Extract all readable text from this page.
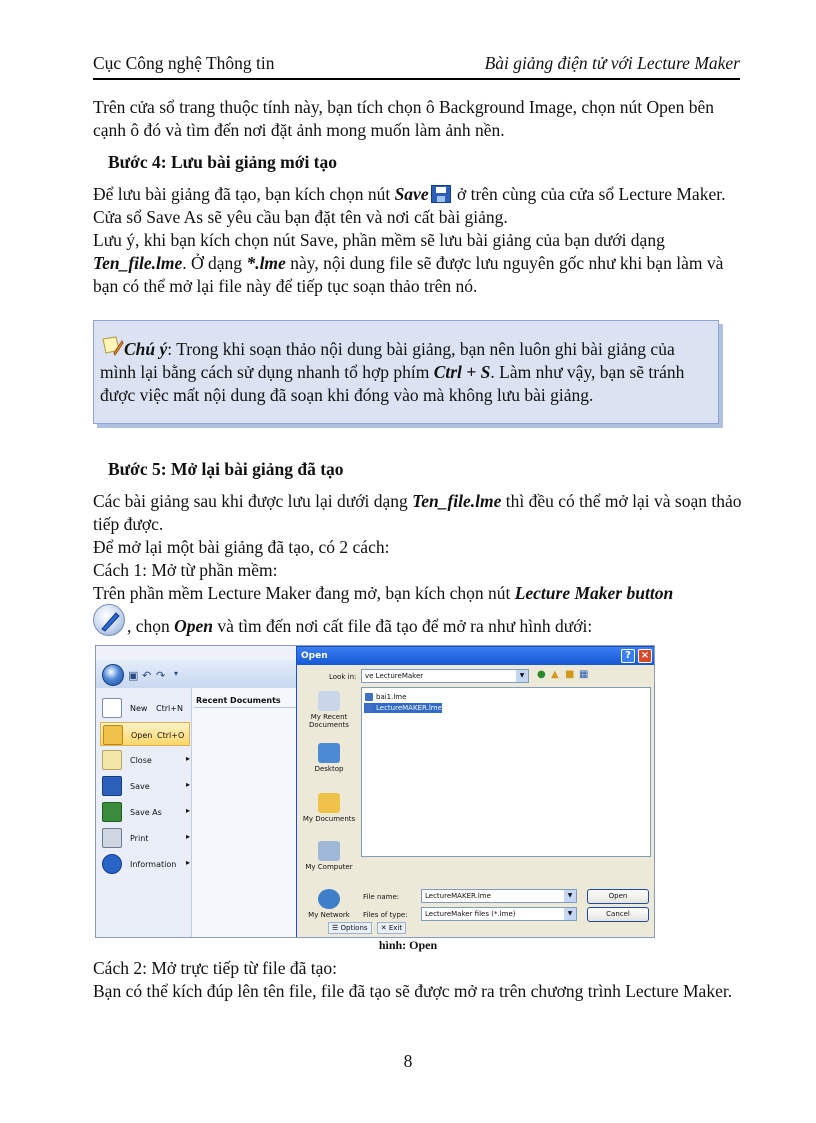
Cục Công nghệ Thông tin	Bài giảng điện tử với Lecture Maker

Trên cửa sổ trang thuộc tính này, bạn tích chọn ô Background Image, chọn nút Open bên cạnh ô đó và tìm đến nơi đặt ảnh mong muốn làm ảnh nền.

Bước 4: Lưu bài giảng mới tạo

Để lưu bài giảng đã tạo, bạn kích chọn nút Save ở trên cùng của cửa sổ Lecture Maker. Cửa sổ Save As sẽ yêu cầu bạn đặt tên và nơi cất bài giảng.

Lưu ý, khi bạn kích chọn nút Save, phần mềm sẽ lưu bài giảng của bạn dưới dạng Ten_file.lme. Ở dạng *.lme này, nội dung file sẽ được lưu nguyên gốc như khi bạn làm và bạn có thể mở lại file này để tiếp tục soạn thảo trên nó.

Chú ý: Trong khi soạn thảo nội dung bài giảng, bạn nên luôn ghi bài giảng của mình lại bằng cách sử dụng nhanh tổ hợp phím Ctrl + S. Làm như vậy, bạn sẽ tránh được việc mất nội dung đã soạn khi đóng vào mà không lưu bài giảng.

Bước 5: Mở lại bài giảng đã tạo

Các bài giảng sau khi được lưu lại dưới dạng Ten_file.lme thì đều có thể mở lại và soạn thảo tiếp được.

Để mở lại một bài giảng đã tạo, có 2 cách:

Cách 1: Mở từ phần mềm:

Trên phần mềm Lecture Maker đang mở, bạn kích chọn nút Lecture Maker button

, chọn Open và tìm đến nơi cất file đã tạo để mở ra như hình dưới:

▣ ↶ ↷ ▾
Recent Documents
New Ctrl+N
Open Ctrl+O
Close	▸
Save	▸
Save As	▸
Print	▸
Information ▸
Open	? ×
Look in:	ve LectureMaker	▼	● ▲ ■ ▦
My Recent Documents
Desktop
My Documents
My Computer
My Network
bai1.lme
LectureMAKER.lme
File name:	LectureMAKER.lme	▼
Files of type:	LectureMaker files (*.lme)	▼
Open
Cancel
☰ Options ✕ Exit
hình: Open

Cách 2: Mở trực tiếp từ file đã tạo:

Bạn có thể kích đúp lên tên file, file đã tạo sẽ được mở ra trên chương trình Lecture Maker.

8
